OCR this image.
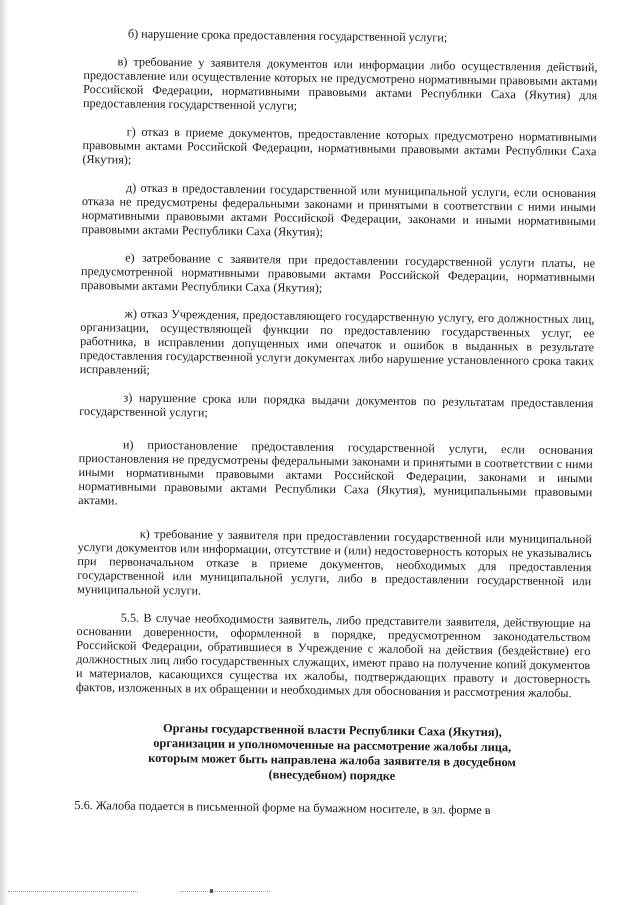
б) нарушение срока предоставления государственной услуги;

в) требование у заявителя документов или информации либо осуществления действий, предоставление или осуществление которых не предусмотрено нормативными правовыми актами Российской Федерации, нормативными правовыми актами Республики Саха (Якутия) для предоставления государственной услуги;

г) отказ в приеме документов, предоставление которых предусмотрено нормативными правовыми актами Российской Федерации, нормативными правовыми актами Республики Саха (Якутия);

д) отказ в предоставлении государственной или муниципальной услуги, если основания отказа не предусмотрены федеральными законами и принятыми в соответствии с ними иными нормативными правовыми актами Российской Федерации, законами и иными нормативными правовыми актами Республики Саха (Якутия);

е) затребование с заявителя при предоставлении государственной услуги платы, не предусмотренной нормативными правовыми актами Российской Федерации, нормативными правовыми актами Республики Саха (Якутия);

ж) отказ Учреждения, предоставляющего государственную услугу, его должностных лиц, организации, осуществляющей функции по предоставлению государственных услуг, ее работника, в исправлении допущенных ими опечаток и ошибок в выданных в результате предоставления государственной услуги документах либо нарушение установленного срока таких исправлений;

з) нарушение срока или порядка выдачи документов по результатам предоставления государственной услуги;

и) приостановление предоставления государственной услуги, если основания приостановления не предусмотрены федеральными законами и принятыми в соответствии с ними иными нормативными правовыми актами Российской Федерации, законами и иными нормативными правовыми актами Республики Саха (Якутия), муниципальными правовыми актами.

к) требование у заявителя при предоставлении государственной или муниципальной услуги документов или информации, отсутствие и (или) недостоверность которых не указывались при первоначальном отказе в приеме документов, необходимых для предоставления государственной или муниципальной услуги, либо в предоставлении государственной или муниципальной услуги.

5.5. В случае необходимости заявитель, либо представители заявителя, действующие на основании доверенности, оформленной в порядке, предусмотренном законодательством Российской Федерации, обратившиеся в Учреждение с жалобой на действия (бездействие) его должностных лиц либо государственных служащих, имеют право на получение копий документов и материалов, касающихся существа их жалобы, подтверждающих правоту и достоверность фактов, изложенных в их обращении и необходимых для обоснования и рассмотрения жалобы.

Органы государственной власти Республики Саха (Якутия),
организации и уполномоченные на рассмотрение жалобы лица,
которым может быть направлена жалоба заявителя в досудебном
(внесудебном) порядке

5.6. Жалоба подается в письменной форме на бумажном носителе, в эл. форме в
